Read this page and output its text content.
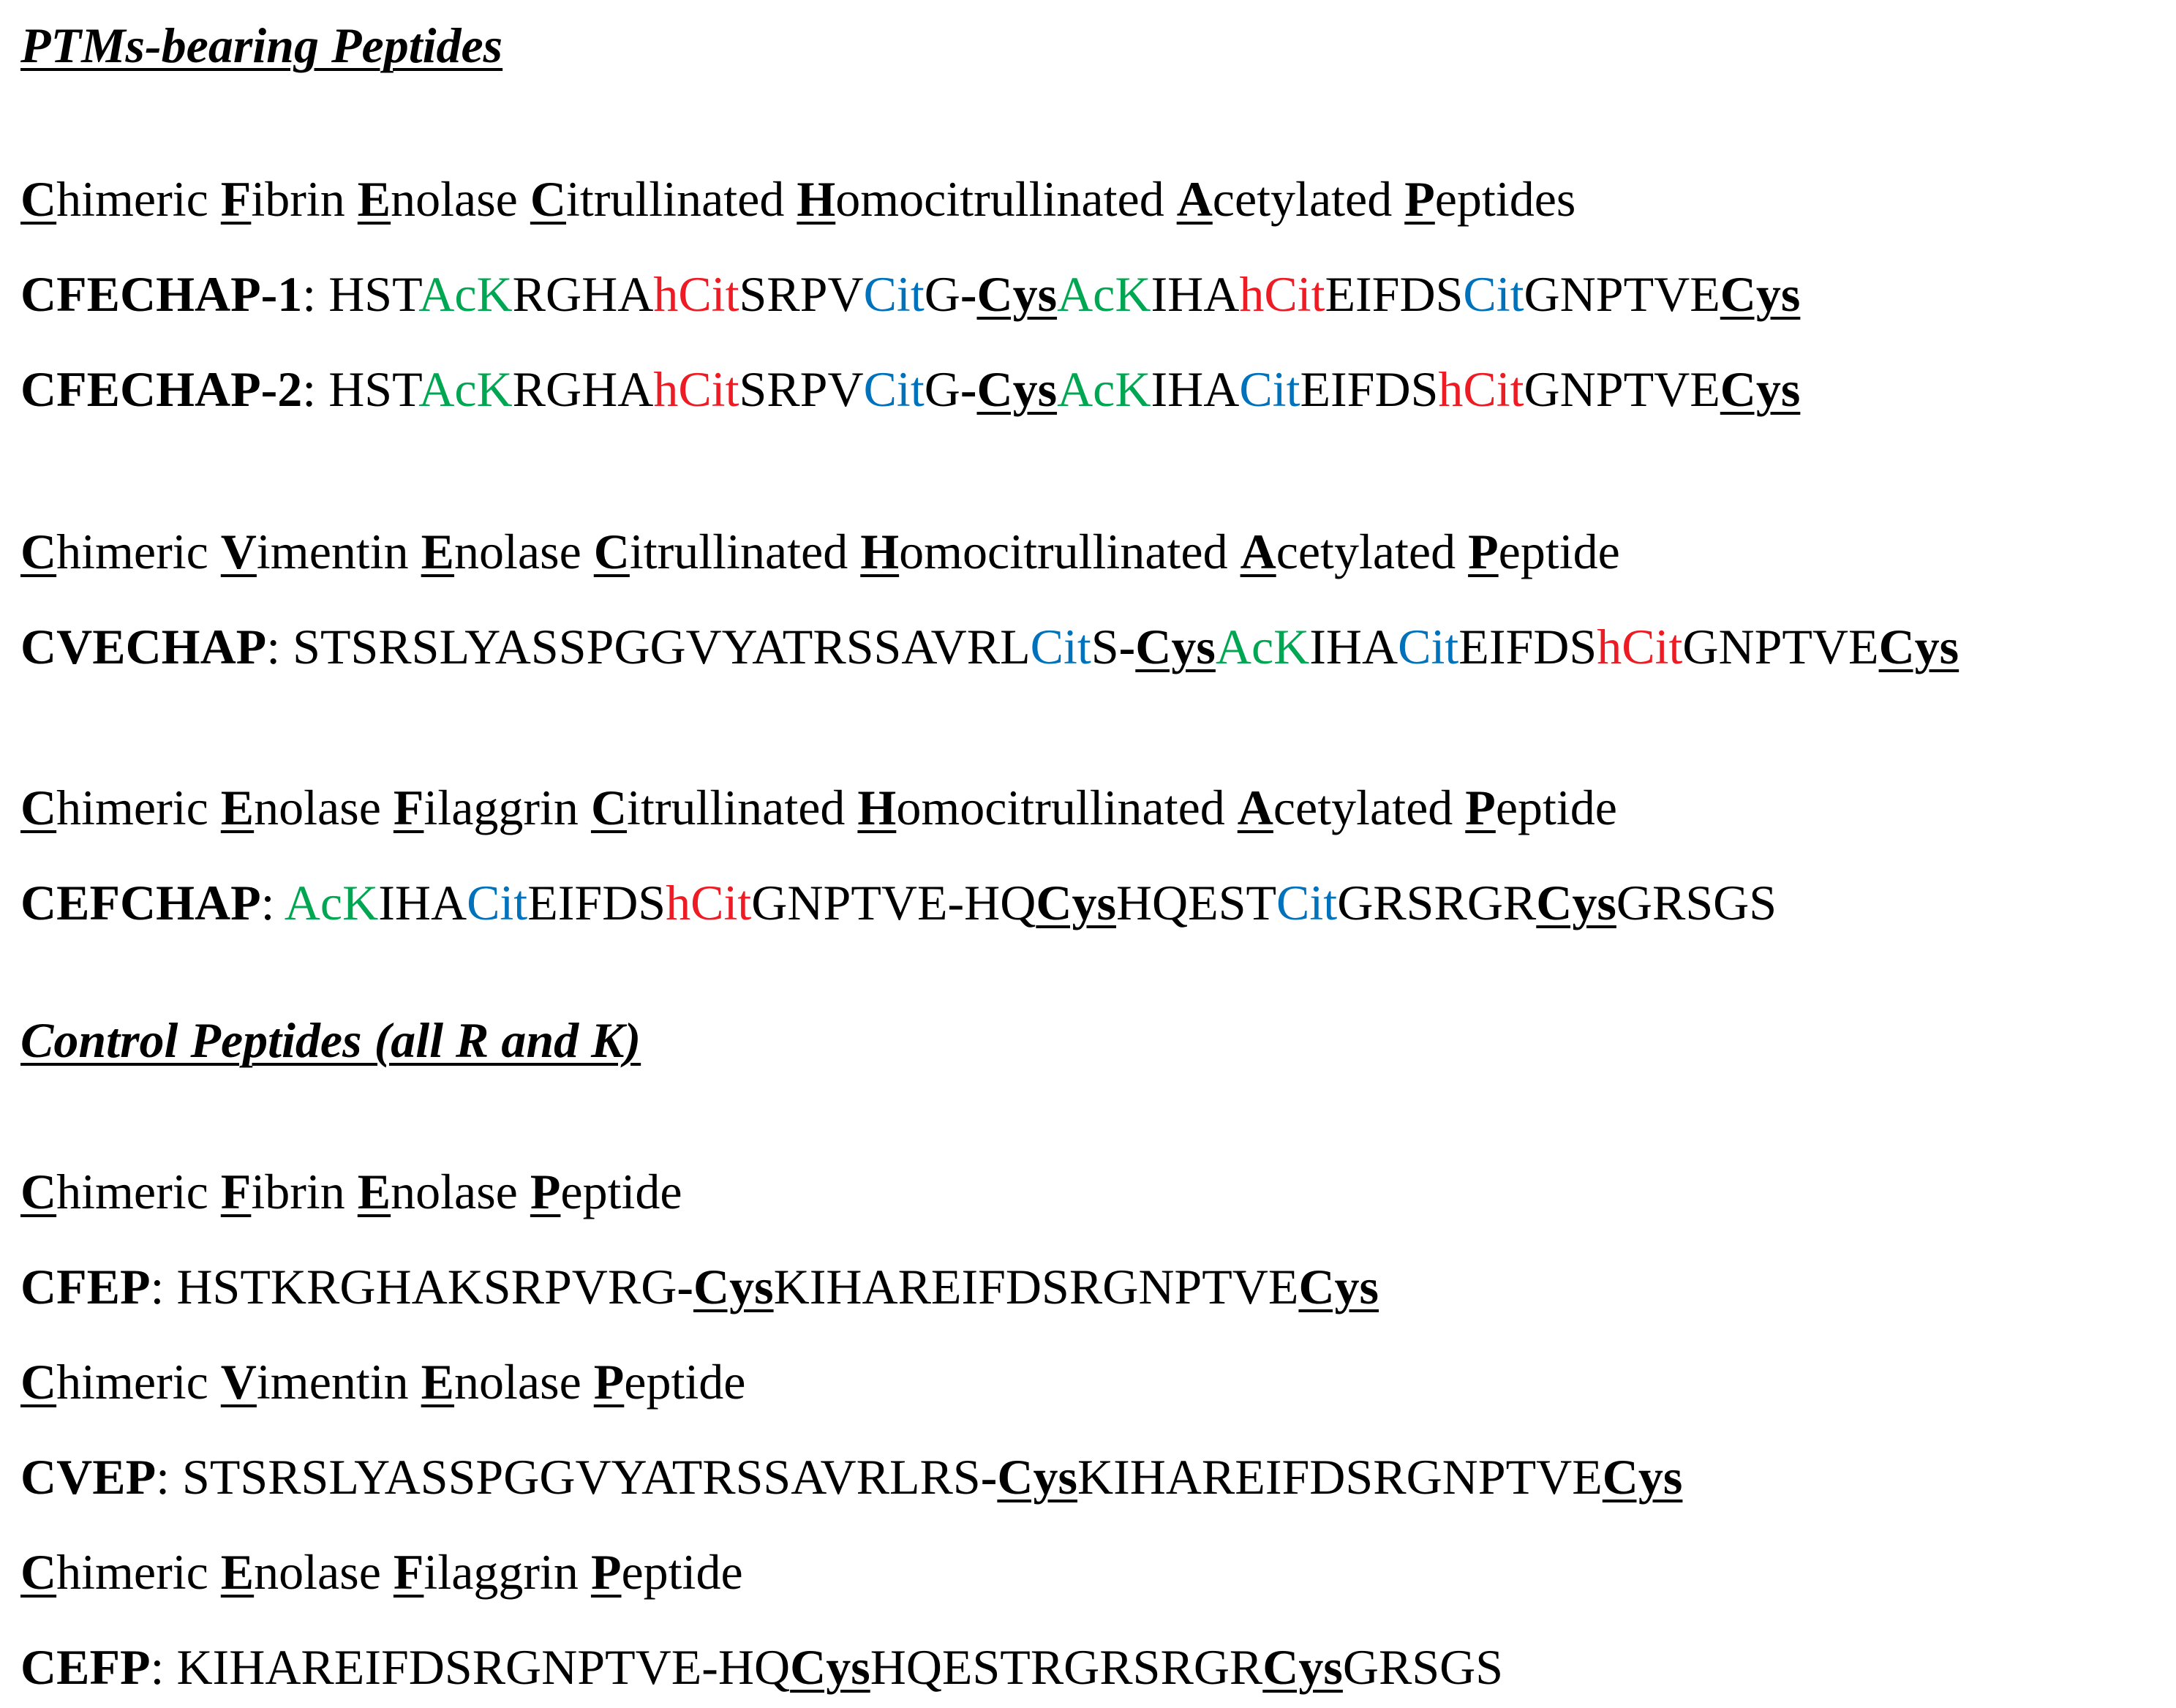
PTMs-bearing Peptides
Chimeric Fibrin Enolase Citrullinated Homocitrullinated Acetylated Peptides
CFECHAP-1: HSTAcKRGHAhCitSRPVCitG-CysAcKIHAhCitEIFDSCitGNPTVECys
CFECHAP-2: HSTAcKRGHAhCitSRPVCitG-CysAcKIHACitEIFDShCitGNPTVECys
Chimeric Vimentin Enolase Citrullinated Homocitrullinated Acetylated Peptide
CVECHAP: STSRSLYASSPGGVYATRSSAVRLCitS-CysAcKIHACitEIFDShCitGNPTVECys
Chimeric Enolase Filaggrin Citrullinated Homocitrullinated Acetylated Peptide
CEFCHAP: AcKIHACitEIFDShCitGNPTVE-HQCysHQESTCitGRSRGRCysGRSGS
Control Peptides (all R and K)
Chimeric Fibrin Enolase Peptide
CFEP: HSTKRGHAKSRPVRG-CysKIHAREIFDSRGNPTVECys
Chimeric Vimentin Enolase Peptide
CVEP: STSRSLYASSPGGVYATRSSAVRLRS-CysKIHAREIFDSRGNPTVECys
Chimeric Enolase Filaggrin Peptide
CEFP: KIHAREIFDSRGNPTVE-HQCysHQESTRGRSRGRCysGRSGS
